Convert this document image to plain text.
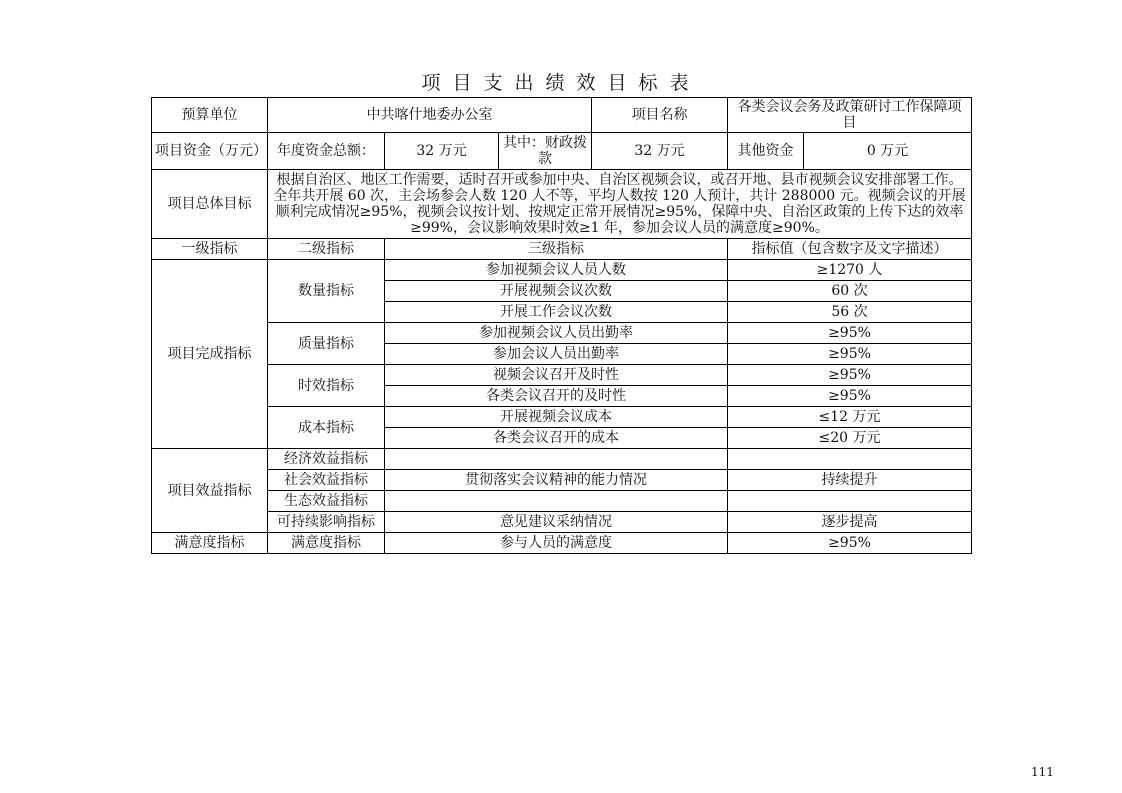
项目支出绩效目标表
预算单位	中共喀什地委办公室			项目名称	各类会议会务及政策研讨工作保障项目	
项目资金（万元）	年度资金总额：	32 万元	其中：财政拨款	32 万元	其他资金	0 万元
项目总体目标	根据自治区、地区工作需要，适时召开或参加中央、自治区视频会议，或召开地、县市视频会议安排部署工作。全年共开展 60 次，主会场参会人数 120 人不等，平均人数按 120 人预计，共计 288000 元。视频会议的开展顺利完成情况≥95%，视频会议按计划、按规定正常开展情况≥95%，保障中央、自治区政策的上传下达的效率≥99%，会议影响效果时效≥1 年，参加会议人员的满意度≥90%。					
一级指标	二级指标	三级指标			指标值（包含数字及文字描述）	
项目完成指标	数量指标	参加视频会议人员人数			≥1270 人	
		开展视频会议次数			60 次	
		开展工作会议次数			56 次	
	质量指标	参加视频会议人员出勤率			≥95%	
		参加会议人员出勤率			≥95%	
	时效指标	视频会议召开及时性			≥95%	
		各类会议召开的及时性			≥95%	
	成本指标	开展视频会议成本			≤12 万元	
		各类会议召开的成本			≤20 万元	
项目效益指标	经济效益指标					
	社会效益指标	贯彻落实会议精神的能力情况			持续提升	
	生态效益指标					
	可持续影响指标	意见建议采纳情况			逐步提高	
满意度指标	满意度指标	参与人员的满意度			≥95%	
111
